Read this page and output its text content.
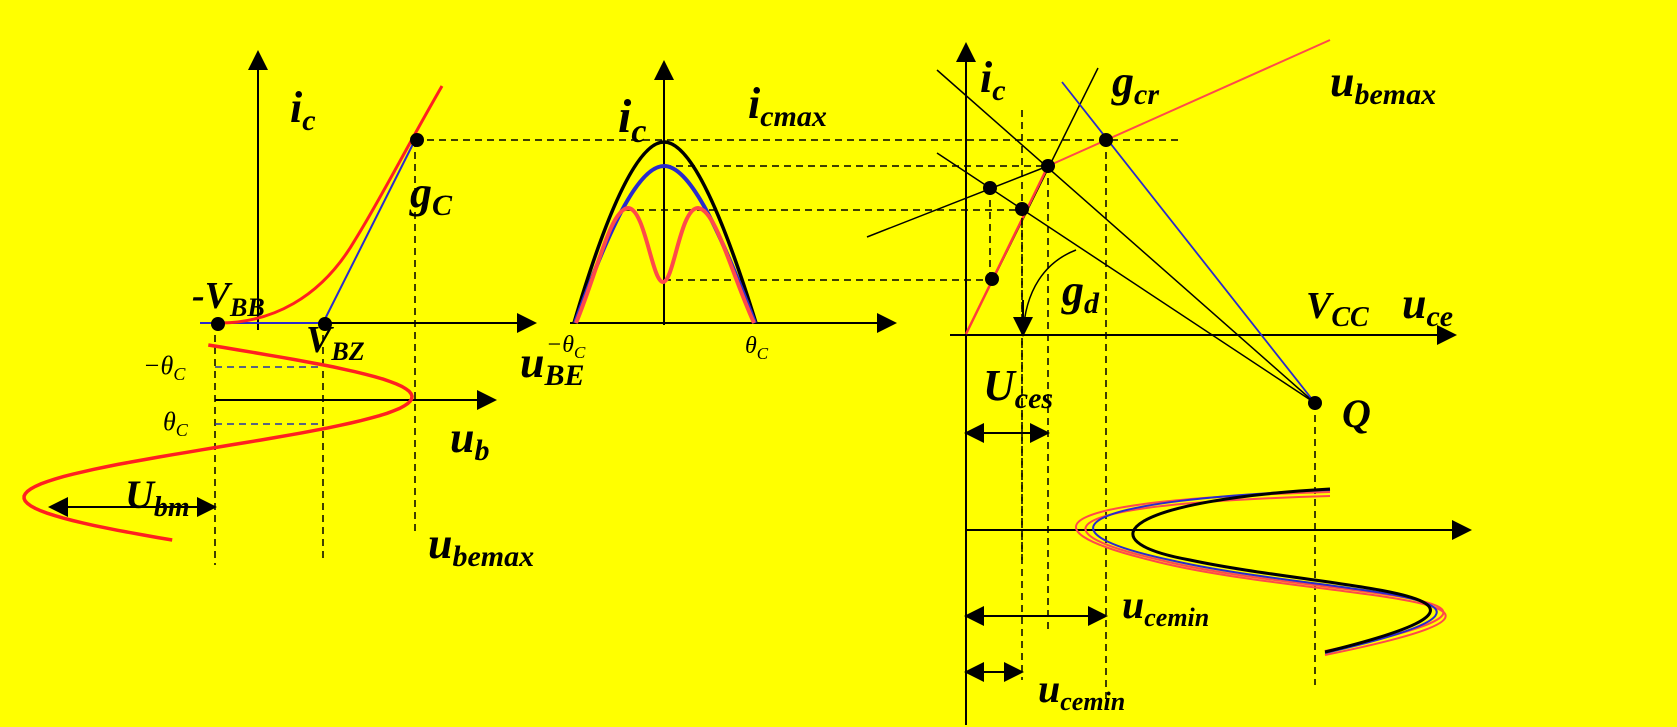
ic
gC
$-V_{BB}$
$V_{BZ}$
$-\theta_C$
$\theta_C$
uBE
ub
$U_{bm}$
ubemax
$i_c$
icmax
$-\theta_C$	$\theta_C$
ic gcr	ubemax
gd	$V_{CC}$ uce
Uces	Q
$u_{cemin}$
$u_{cemin}$
